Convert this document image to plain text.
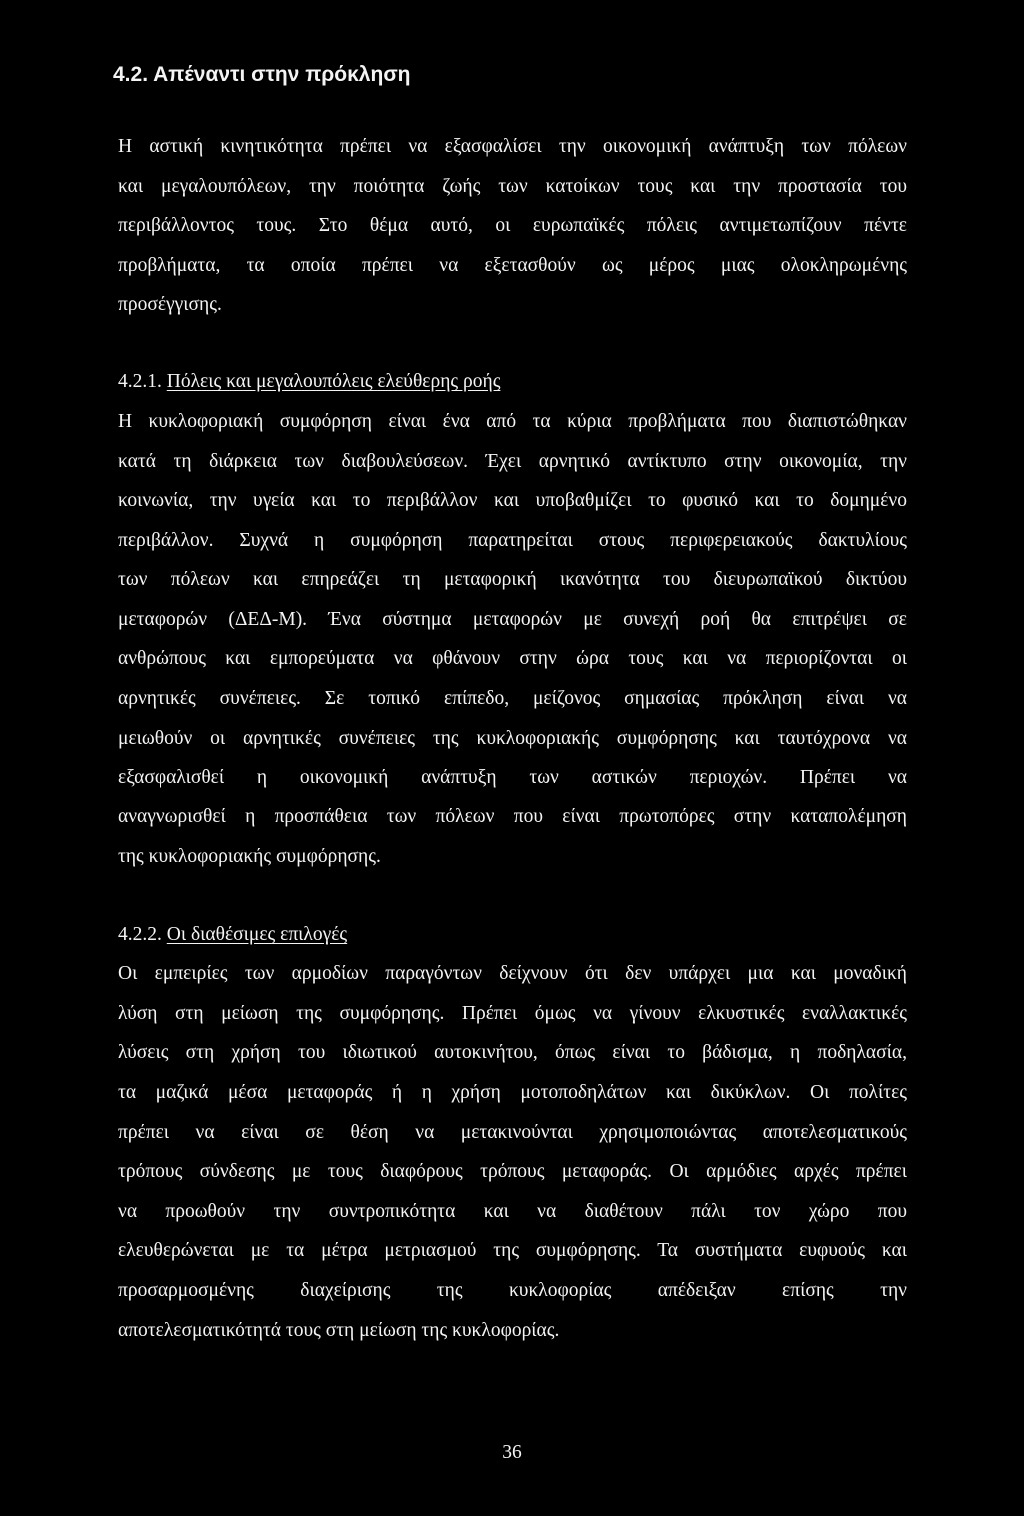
4.2. Απέναντι στην πρόκληση
Η αστική κινητικότητα πρέπει να εξασφαλίσει την οικονομική ανάπτυξη των πόλεων
και μεγαλουπόλεων, την ποιότητα ζωής των κατοίκων τους και την προστασία του
περιβάλλοντος τους. Στο θέμα αυτό, οι ευρωπαϊκές πόλεις αντιμετωπίζουν πέντε
προβλήματα, τα οποία πρέπει να εξετασθούν ως μέρος μιας ολοκληρωμένης
προσέγγισης.
4.2.1. Πόλεις και μεγαλουπόλεις ελεύθερης ροής
Η κυκλοφοριακή συμφόρηση είναι ένα από τα κύρια προβλήματα που διαπιστώθηκαν
κατά τη διάρκεια των διαβουλεύσεων. Έχει αρνητικό αντίκτυπο στην οικονομία, την
κοινωνία, την υγεία και το περιβάλλον και υποβαθμίζει το φυσικό και το δομημένο
περιβάλλον. Συχνά η συμφόρηση παρατηρείται στους περιφερειακούς δακτυλίους
των πόλεων και επηρεάζει τη μεταφορική ικανότητα του διευρωπαϊκού δικτύου
μεταφορών (ΔΕΔ-Μ). Ένα σύστημα μεταφορών με συνεχή ροή θα επιτρέψει σε
ανθρώπους και εμπορεύματα να φθάνουν στην ώρα τους και να περιορίζονται οι
αρνητικές συνέπειες. Σε τοπικό επίπεδο, μείζονος σημασίας πρόκληση είναι να
μειωθούν οι αρνητικές συνέπειες της κυκλοφοριακής συμφόρησης και ταυτόχρονα να
εξασφαλισθεί η οικονομική ανάπτυξη των αστικών περιοχών. Πρέπει να
αναγνωρισθεί η προσπάθεια των πόλεων που είναι πρωτοπόρες στην καταπολέμηση
της κυκλοφοριακής συμφόρησης.
4.2.2. Οι διαθέσιμες επιλογές
Οι εμπειρίες των αρμοδίων παραγόντων δείχνουν ότι δεν υπάρχει μια και μοναδική
λύση στη μείωση της συμφόρησης. Πρέπει όμως να γίνουν ελκυστικές εναλλακτικές
λύσεις στη χρήση του ιδιωτικού αυτοκινήτου, όπως είναι το βάδισμα, η ποδηλασία,
τα μαζικά μέσα μεταφοράς ή η χρήση μοτοποδηλάτων και δικύκλων. Οι πολίτες
πρέπει να είναι σε θέση να μετακινούνται χρησιμοποιώντας αποτελεσματικούς
τρόπους σύνδεσης με τους διαφόρους τρόπους μεταφοράς. Οι αρμόδιες αρχές πρέπει
να προωθούν την συντροπικότητα και να διαθέτουν πάλι τον χώρο που
ελευθερώνεται με τα μέτρα μετριασμού της συμφόρησης. Τα συστήματα ευφυούς και
προσαρμοσμένης διαχείρισης της κυκλοφορίας απέδειξαν επίσης την
αποτελεσματικότητά τους στη μείωση της κυκλοφορίας.
36
